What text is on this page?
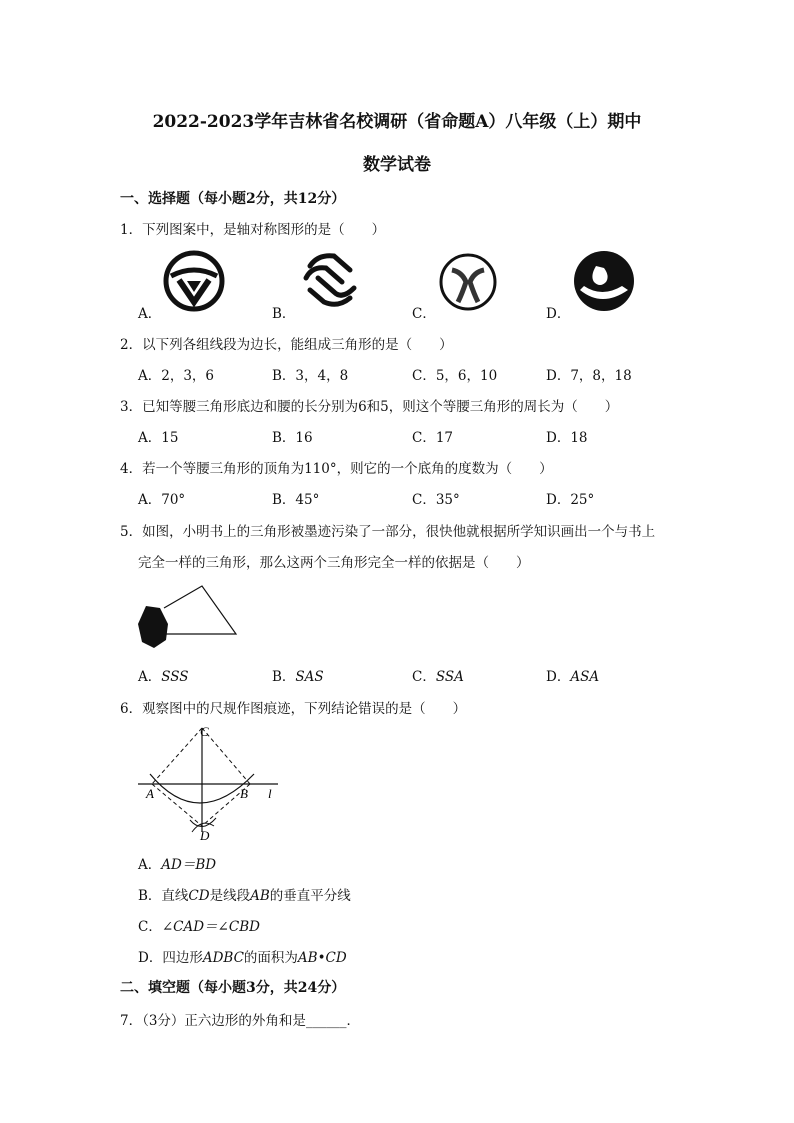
2022-2023学年吉林省名校调研（省命题A）八年级（上）期中
数学试卷
一、选择题（每小题2分，共12分）
1．下列图案中，是轴对称图形的是（　　）
A．	B．	C．	D．
2．以下列各组线段为边长，能组成三角形的是（　　）
A．2，3，6	B．3，4，8	C．5，6，10	D．7，8，18
3．已知等腰三角形底边和腰的长分别为6和5，则这个等腰三角形的周长为（　　）
A．15	B．16	C．17	D．18
4．若一个等腰三角形的顶角为110°，则它的一个底角的度数为（　　）
A．70°	B．45°	C．35°	D．25°
5．如图，小明书上的三角形被墨迹污染了一部分，很快他就根据所学知识画出一个与书上
完全一样的三角形，那么这两个三角形完全一样的依据是（　　）
A．SSS	B．SAS	C．SSA	D．ASA
6．观察图中的尺规作图痕迹，下列结论错误的是（　　）
C
A	B l
D
A．AD＝BD
B．直线CD是线段AB的垂直平分线
C．∠CAD＝∠CBD
D．四边形ADBC的面积为AB•CD
二、填空题（每小题3分，共24分）
7．（3分）正六边形的外角和是______．
